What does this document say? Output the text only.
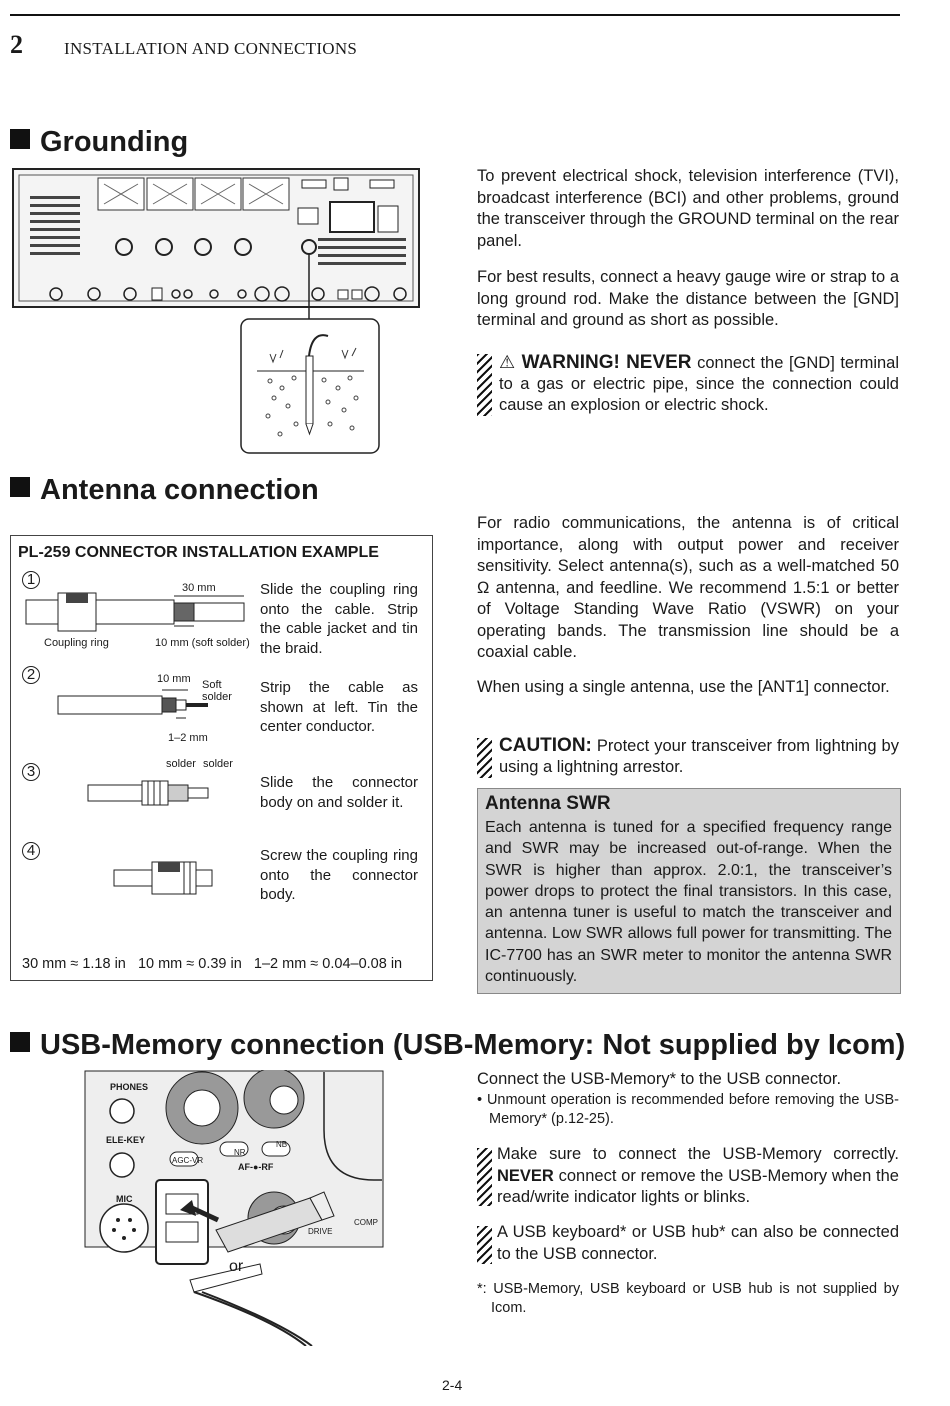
2 INSTALLATION AND CONNECTIONS
Grounding
To prevent electrical shock, television interference (TVI), broadcast interference (BCI) and other problems, ground the transceiver through the GROUND terminal on the rear panel.
For best results, connect a heavy gauge wire or strap to a long ground rod. Make the distance between the [GND] terminal and ground as short as possible.
⚠ WARNING! NEVER connect the [GND] terminal to a gas or electric pipe, since the connection could cause an explosion or electric shock.
Antenna connection
PL-259 CONNECTOR INSTALLATION EXAMPLE
1
2
3
4
Slide the coupling ring onto the cable. Strip the cable jacket and tin the braid.
Strip the cable as shown at left. Tin the center conductor.
Slide the connector body on and solder it.
Screw the coupling ring onto the connector body.
30 mm
Coupling ring	10 mm (soft solder)
10 mm Soft
solder
1–2 mm
solder solder
30 mm ≈ 1.18 in   10 mm ≈ 0.39 in   1–2 mm ≈ 0.04–0.08 in
For radio communications, the antenna is of critical importance, along with output power and receiver sensitivity. Select antenna(s), such as a well-matched 50 Ω antenna, and feedline. We recommend 1.5:1 or better of Voltage Standing Wave Ratio (VSWR) on your operating bands. The transmission line should be a coaxial cable.
When using a single antenna, use the [ANT1] connector.
CAUTION: Protect your transceiver from lightning by using a lightning arrestor.
Antenna SWR
Each antenna is tuned for a specified frequency range and SWR may be increased out-of-range. When the SWR is higher than approx. 2.0:1, the transceiver’s power drops to protect the final transistors. In this case, an antenna tuner is useful to match the transceiver and antenna. Low SWR allows full power for transmitting. The IC-7700 has an SWR meter to monitor the antenna SWR continuously.
USB-Memory connection (USB-Memory: Not supplied by Icom)
PHONES
ELE-KEY
MIC
AGC-VR
NR
NB
AF-●-RF
DRIVE
COMP
or
Connect the USB-Memory* to the USB connector.
• Unmount operation is recommended before removing the USB-Memory* (p.12-25).
Make sure to connect the USB-Memory correctly. NEVER connect or remove the USB-Memory when the read/write indicator lights or blinks.
A USB keyboard* or USB hub* can also be connected to the USB connector.
*: USB-Memory, USB keyboard or USB hub is not supplied by Icom.
2-4
